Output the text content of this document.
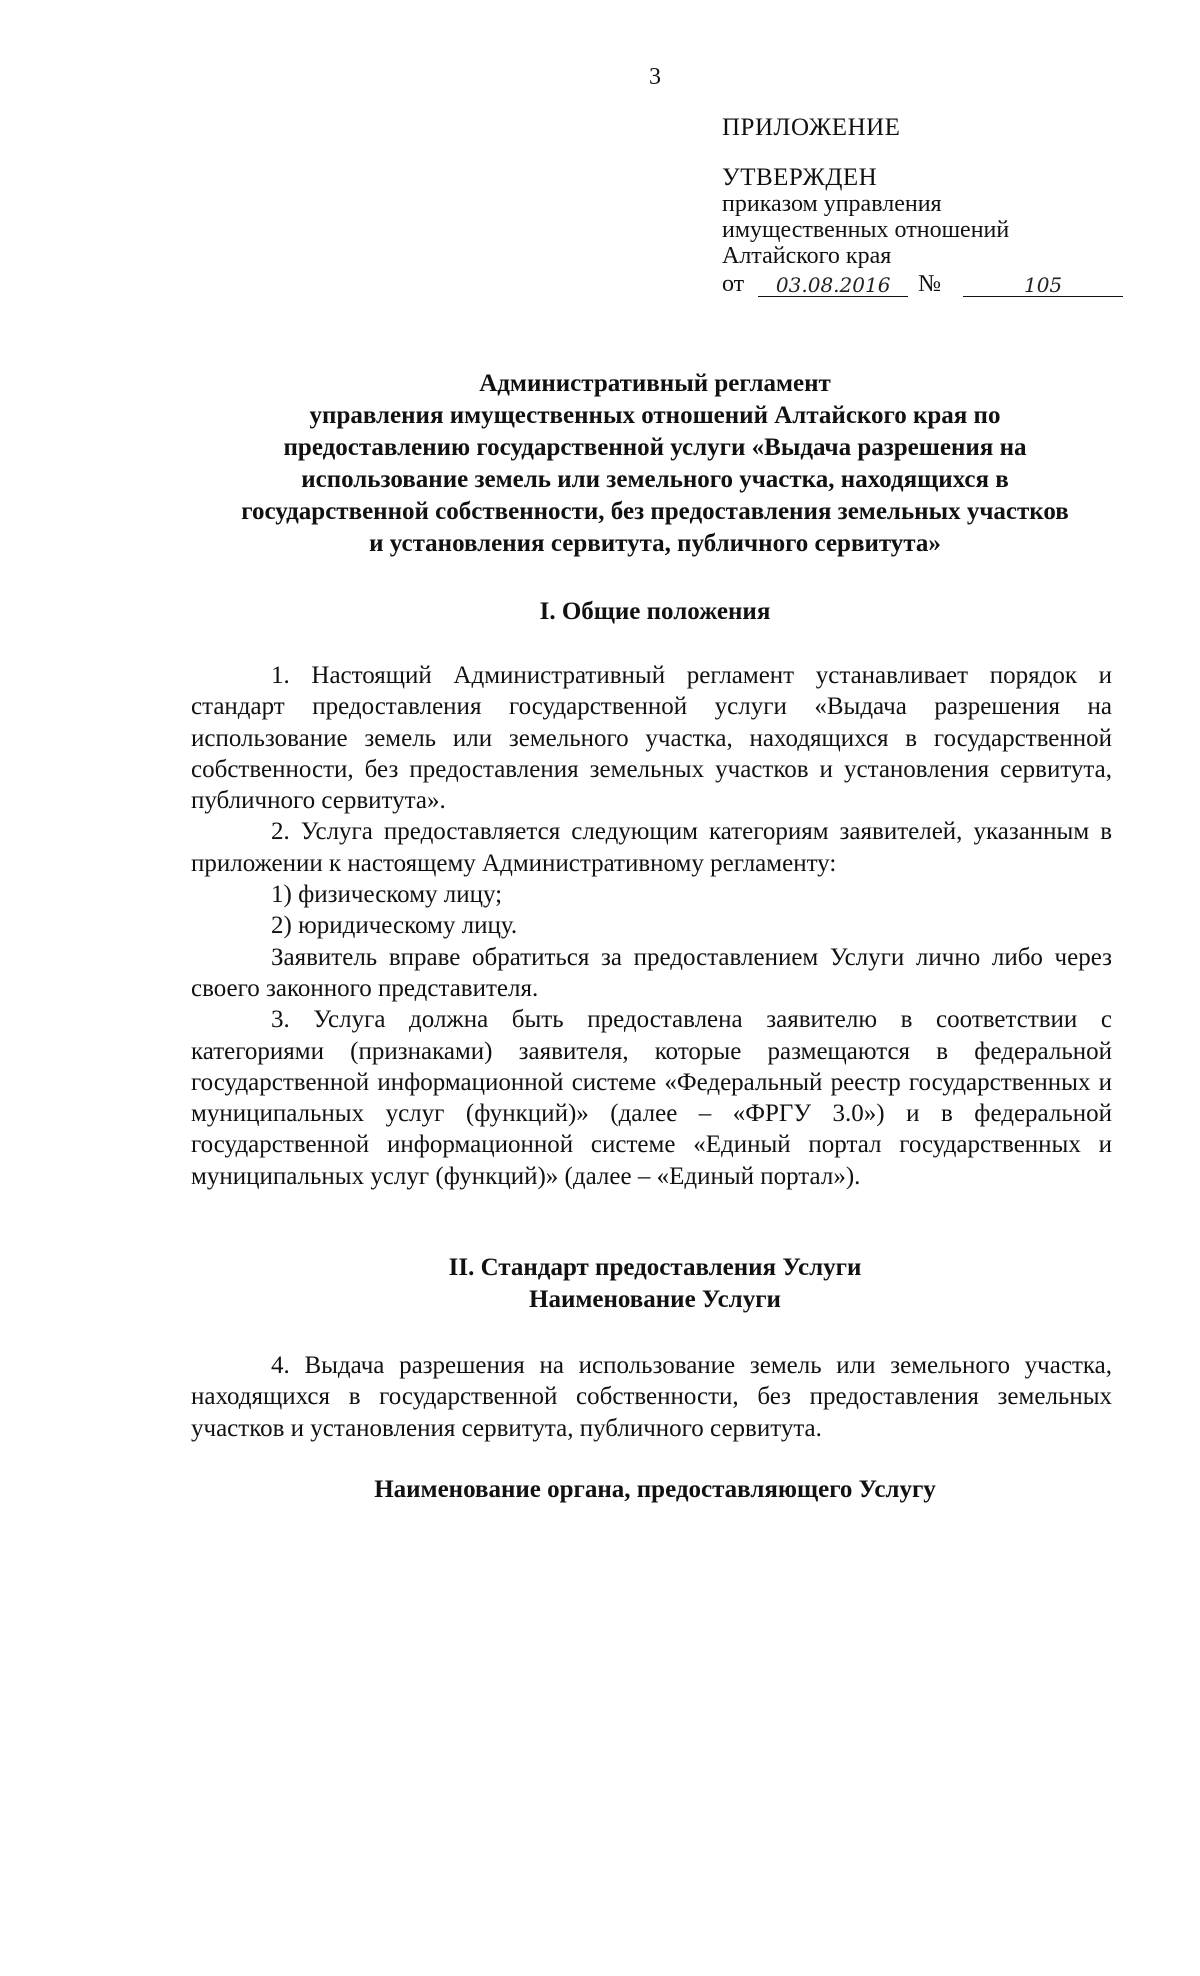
3
ПРИЛОЖЕНИЕ
УТВЕРЖДЕН
приказом управления
имущественных отношений
Алтайского края
от	03.08.2016	№	105
Административный регламент
управления имущественных отношений Алтайского края по
предоставлению государственной услуги «Выдача разрешения на
использование земель или земельного участка, находящихся в
государственной собственности, без предоставления земельных участков
и установления сервитута, публичного сервитута»
I. Общие положения

1. Настоящий Административный регламент устанавливает порядок и стандарт предоставления государственной услуги «Выдача разрешения на использование земель или земельного участка, находящихся в государственной собственности, без предоставления земельных участков и установления сервитута, публичного сервитута».

2. Услуга предоставляется следующим категориям заявителей, указанным в приложении к настоящему Административному регламенту:

1) физическому лицу;

2) юридическому лицу.

Заявитель вправе обратиться за предоставлением Услуги лично либо через своего законного представителя.

3. Услуга должна быть предоставлена заявителю в соответствии с категориями (признаками) заявителя, которые размещаются в федеральной государственной информационной системе «Федеральный реестр государственных и муниципальных услуг (функций)» (далее – «ФРГУ 3.0») и в федеральной государственной информационной системе «Единый портал государственных и муниципальных услуг (функций)» (далее – «Единый портал»).

II. Стандарт предоставления Услуги
Наименование Услуги

4. Выдача разрешения на использование земель или земельного участка, находящихся в государственной собственности, без предоставления земельных участков и установления сервитута, публичного сервитута.

Наименование органа, предоставляющего Услугу
